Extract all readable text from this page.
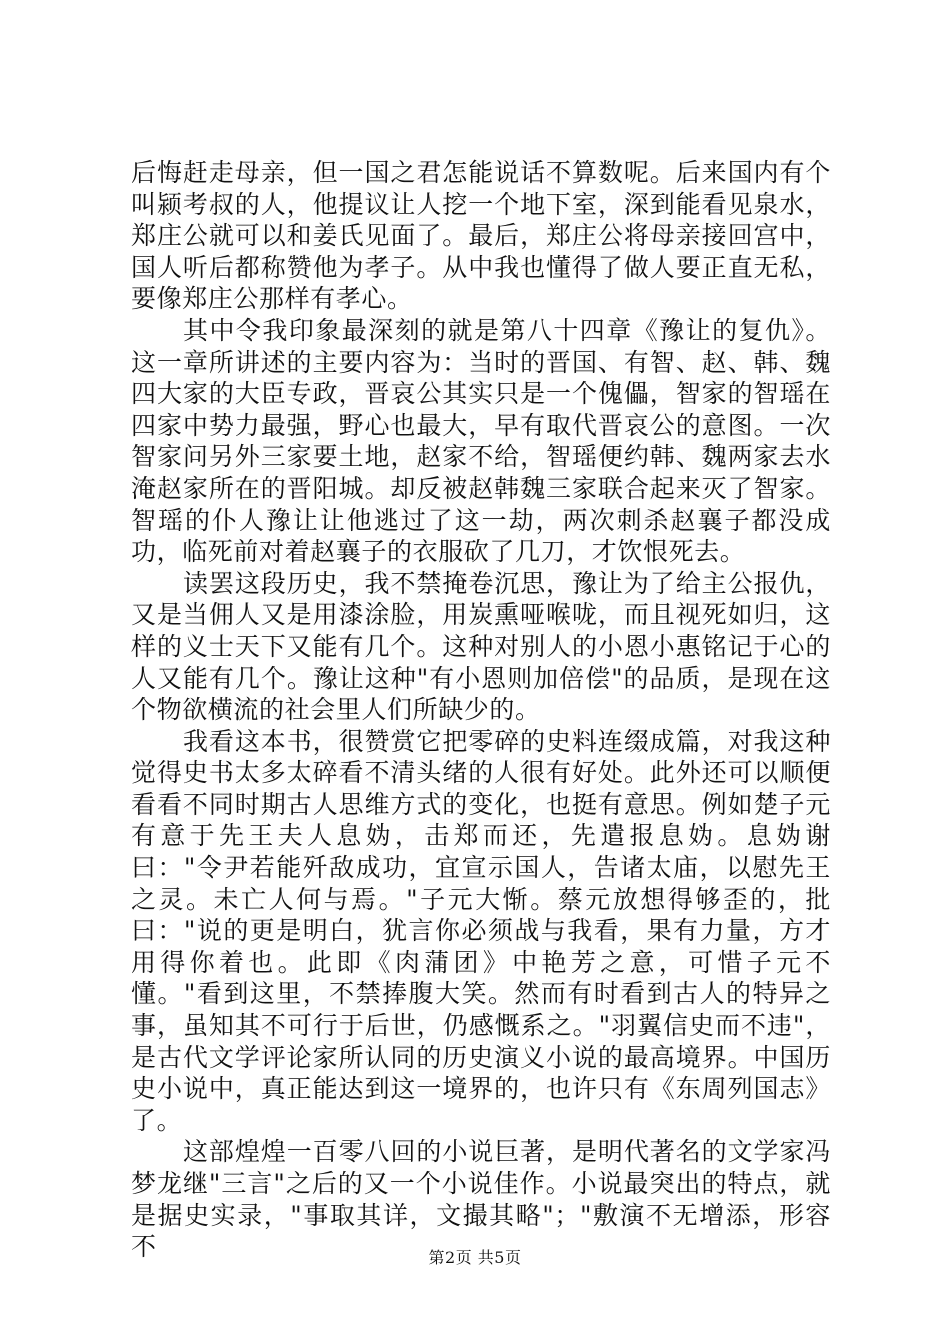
后悔赶走母亲，但一国之君怎能说话不算数呢。后来国内有个叫颍考叔的人，他提议让人挖一个地下室，深到能看见泉水，郑庄公就可以和姜氏见面了。最后，郑庄公将母亲接回宫中，国人听后都称赞他为孝子。从中我也懂得了做人要正直无私，要像郑庄公那样有孝心。

其中令我印象最深刻的就是第八十四章《豫让的复仇》。这一章所讲述的主要内容为：当时的晋国、有智、赵、韩、魏四大家的大臣专政，晋哀公其实只是一个傀儡，智家的智瑶在四家中势力最强，野心也最大，早有取代晋哀公的意图。一次智家问另外三家要土地，赵家不给，智瑶便约韩、魏两家去水淹赵家所在的晋阳城。却反被赵韩魏三家联合起来灭了智家。智瑶的仆人豫让让他逃过了这一劫，两次刺杀赵襄子都没成功，临死前对着赵襄子的衣服砍了几刀，才饮恨死去。

读罢这段历史，我不禁掩卷沉思，豫让为了给主公报仇，又是当佣人又是用漆涂脸，用炭熏哑喉咙，而且视死如归，这样的义士天下又能有几个。这种对别人的小恩小惠铭记于心的人又能有几个。豫让这种"有小恩则加倍偿"的品质，是现在这个物欲横流的社会里人们所缺少的。

我看这本书，很赞赏它把零碎的史料连缀成篇，对我这种觉得史书太多太碎看不清头绪的人很有好处。此外还可以顺便看看不同时期古人思维方式的变化，也挺有意思。例如楚子元有意于先王夫人息妫，击郑而还，先遣报息妫。息妫谢曰："令尹若能歼敌成功，宜宣示国人，告诸太庙，以慰先王之灵。未亡人何与焉。"子元大惭。蔡元放想得够歪的，批曰："说的更是明白，犹言你必须战与我看，果有力量，方才用得你着也。此即《肉蒲团》中艳芳之意，可惜子元不懂。"看到这里，不禁捧腹大笑。然而有时看到古人的特异之事，虽知其不可行于后世，仍感慨系之。"羽翼信史而不违"，是古代文学评论家所认同的历史演义小说的最高境界。中国历史小说中，真正能达到这一境界的，也许只有《东周列国志》了。

这部煌煌一百零八回的小说巨著，是明代著名的文学家冯梦龙继"三言"之后的又一个小说佳作。小说最突出的特点，就是据史实录，"事取其详，文撮其略"；"敷演不无增添，形容不	第2页 共5页
